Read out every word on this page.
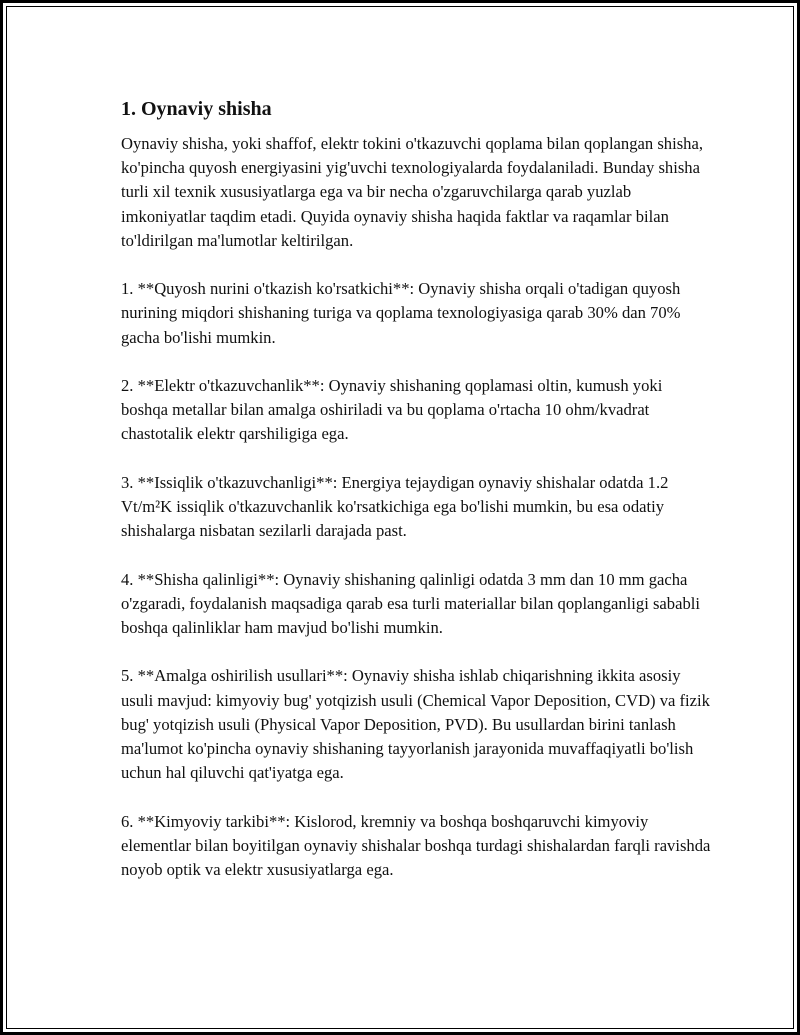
1. Oynaviy shisha

Oynaviy shisha, yoki shaffof, elektr tokini o'tkazuvchi qoplama bilan qoplangan shisha, ko'pincha quyosh energiyasini yig'uvchi texnologiyalarda foydalaniladi. Bunday shisha turli xil texnik xususiyatlarga ega va bir necha o'zgaruvchilarga qarab yuzlab imkoniyatlar taqdim etadi. Quyida oynaviy shisha haqida faktlar va raqamlar bilan to'ldirilgan ma'lumotlar keltirilgan.

1. **Quyosh nurini o'tkazish ko'rsatkichi**: Oynaviy shisha orqali o'tadigan quyosh nurining miqdori shishaning turiga va qoplama texnologiyasiga qarab 30% dan 70% gacha bo'lishi mumkin.

2. **Elektr o'tkazuvchanlik**: Oynaviy shishaning qoplamasi oltin, kumush yoki boshqa metallar bilan amalga oshiriladi va bu qoplama o'rtacha 10 ohm/kvadrat chastotalik elektr qarshiligiga ega.

3. **Issiqlik o'tkazuvchanligi**: Energiya tejaydigan oynaviy shishalar odatda 1.2 Vt/m²K issiqlik o'tkazuvchanlik ko'rsatkichiga ega bo'lishi mumkin, bu esa odatiy shishalarga nisbatan sezilarli darajada past.

4. **Shisha qalinligi**: Oynaviy shishaning qalinligi odatda 3 mm dan 10 mm gacha o'zgaradi, foydalanish maqsadiga qarab esa turli materiallar bilan qoplanganligi sababli boshqa qalinliklar ham mavjud bo'lishi mumkin.

5. **Amalga oshirilish usullari**: Oynaviy shisha ishlab chiqarishning ikkita asosiy usuli mavjud: kimyoviy bug' yotqizish usuli (Chemical Vapor Deposition, CVD) va fizik bug' yotqizish usuli (Physical Vapor Deposition, PVD). Bu usullardan birini tanlash ma'lumot ko'pincha oynaviy shishaning tayyorlanish jarayonida muvaffaqiyatli bo'lish uchun hal qiluvchi qat'iyatga ega.

6. **Kimyoviy tarkibi**: Kislorod, kremniy va boshqa boshqaruvchi kimyoviy elementlar bilan boyitilgan oynaviy shishalar boshqa turdagi shishalardan farqli ravishda noyob optik va elektr xususiyatlarga ega.
